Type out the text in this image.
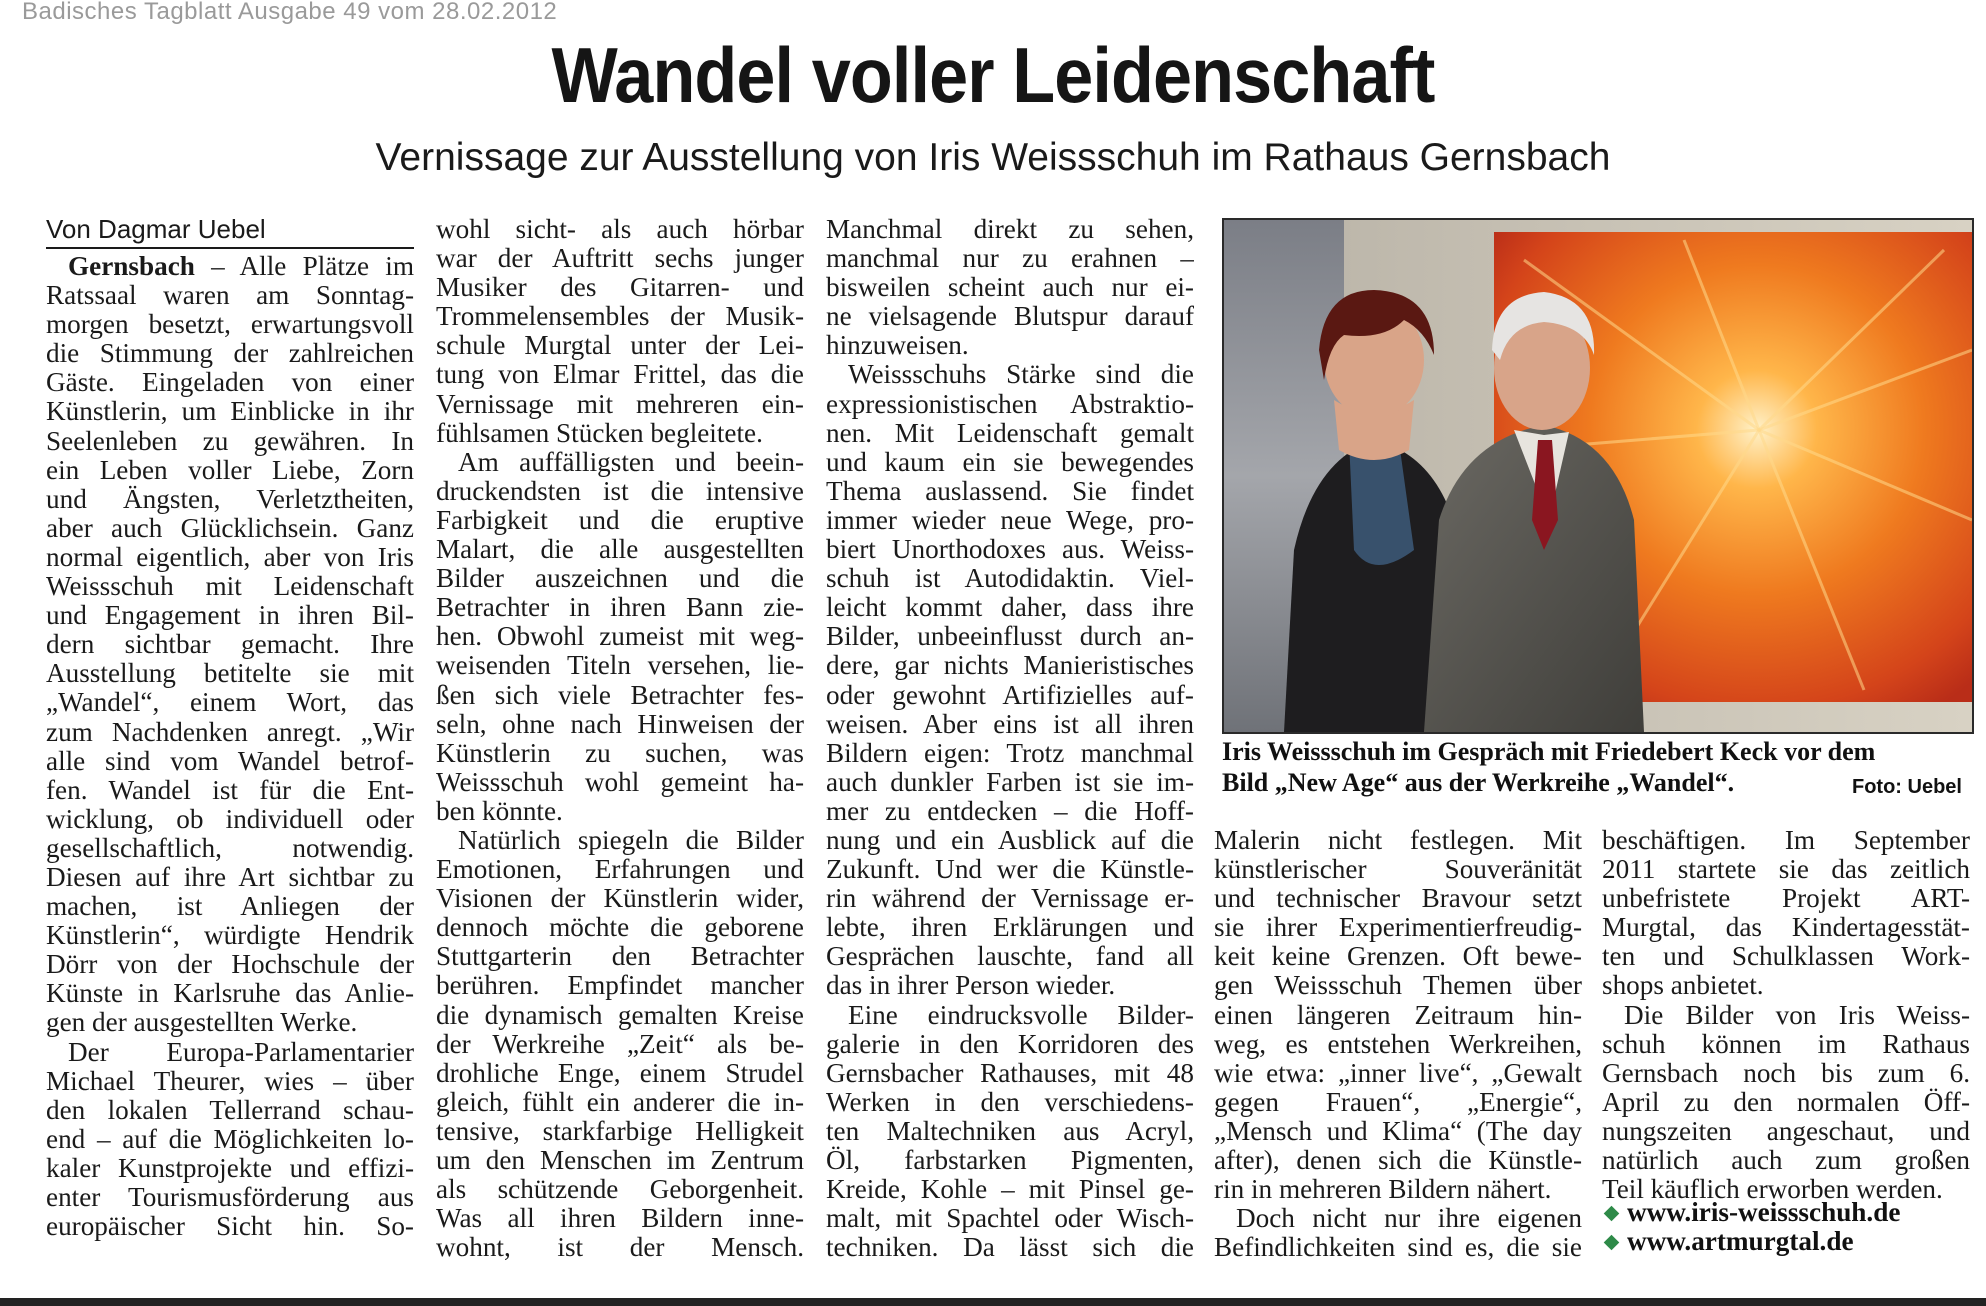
Badisches Tagblatt Ausgabe 49 vom 28.02.2012
Wandel voller Leidenschaft
Vernissage zur Ausstellung von Iris Weissschuh im Rathaus Gernsbach
Von Dagmar Uebel
Gernsbach – Alle Plätze im
Ratssaal waren am Sonntag-
morgen besetzt, erwartungsvoll
die Stimmung der zahlreichen
Gäste. Eingeladen von einer
Künstlerin, um Einblicke in ihr
Seelenleben zu gewähren. In
ein Leben voller Liebe, Zorn
und Ängsten, Verletztheiten,
aber auch Glücklichsein. Ganz
normal eigentlich, aber von Iris
Weissschuh mit Leidenschaft
und Engagement in ihren Bil-
dern sichtbar gemacht. Ihre
Ausstellung betitelte sie mit
„Wandel“, einem Wort, das
zum Nachdenken anregt. „Wir
alle sind vom Wandel betrof-
fen. Wandel ist für die Ent-
wicklung, ob individuell oder
gesellschaftlich, notwendig.
Diesen auf ihre Art sichtbar zu
machen, ist Anliegen der
Künstlerin“, würdigte Hendrik
Dörr von der Hochschule der
Künste in Karlsruhe das Anlie-
gen der ausgestellten Werke.
Der Europa-Parlamentarier
Michael Theurer, wies – über
den lokalen Tellerrand schau-
end – auf die Möglichkeiten lo-
kaler Kunstprojekte und effizi-
enter Tourismusförderung aus
europäischer Sicht hin. So-
wohl sicht- als auch hörbar
war der Auftritt sechs junger
Musiker des Gitarren- und
Trommelensembles der Musik-
schule Murgtal unter der Lei-
tung von Elmar Frittel, das die
Vernissage mit mehreren ein-
fühlsamen Stücken begleitete.
Am auffälligsten und beein-
druckendsten ist die intensive
Farbigkeit und die eruptive
Malart, die alle ausgestellten
Bilder auszeichnen und die
Betrachter in ihren Bann zie-
hen. Obwohl zumeist mit weg-
weisenden Titeln versehen, lie-
ßen sich viele Betrachter fes-
seln, ohne nach Hinweisen der
Künstlerin zu suchen, was
Weissschuh wohl gemeint ha-
ben könnte.
Natürlich spiegeln die Bilder
Emotionen, Erfahrungen und
Visionen der Künstlerin wider,
dennoch möchte die geborene
Stuttgarterin den Betrachter
berühren. Empfindet mancher
die dynamisch gemalten Kreise
der Werkreihe „Zeit“ als be-
drohliche Enge, einem Strudel
gleich, fühlt ein anderer die in-
tensive, starkfarbige Helligkeit
um den Menschen im Zentrum
als schützende Geborgenheit.
Was all ihren Bildern inne-
wohnt, ist der Mensch.
Manchmal direkt zu sehen,
manchmal nur zu erahnen –
bisweilen scheint auch nur ei-
ne vielsagende Blutspur darauf
hinzuweisen.
Weissschuhs Stärke sind die
expressionistischen Abstraktio-
nen. Mit Leidenschaft gemalt
und kaum ein sie bewegendes
Thema auslassend. Sie findet
immer wieder neue Wege, pro-
biert Unorthodoxes aus. Weiss-
schuh ist Autodidaktin. Viel-
leicht kommt daher, dass ihre
Bilder, unbeeinflusst durch an-
dere, gar nichts Manieristisches
oder gewohnt Artifizielles auf-
weisen. Aber eins ist all ihren
Bildern eigen: Trotz manchmal
auch dunkler Farben ist sie im-
mer zu entdecken – die Hoff-
nung und ein Ausblick auf die
Zukunft. Und wer die Künstle-
rin während der Vernissage er-
lebte, ihren Erklärungen und
Gesprächen lauschte, fand all
das in ihrer Person wieder.
Eine eindrucksvolle Bilder-
galerie in den Korridoren des
Gernsbacher Rathauses, mit 48
Werken in den verschiedens-
ten Maltechniken aus Acryl,
Öl, farbstarken Pigmenten,
Kreide, Kohle – mit Pinsel ge-
malt, mit Spachtel oder Wisch-
techniken. Da lässt sich die
Malerin nicht festlegen. Mit
künstlerischer Souveränität
und technischer Bravour setzt
sie ihrer Experimentierfreudig-
keit keine Grenzen. Oft bewe-
gen Weissschuh Themen über
einen längeren Zeitraum hin-
weg, es entstehen Werkreihen,
wie etwa: „inner live“, „Gewalt
gegen Frauen“, „Energie“,
„Mensch und Klima“ (The day
after), denen sich die Künstle-
rin in mehreren Bildern nähert.
Doch nicht nur ihre eigenen
Befindlichkeiten sind es, die sie
beschäftigen. Im September
2011 startete sie das zeitlich
unbefristete Projekt ART-
Murgtal, das Kindertagesstät-
ten und Schulklassen Work-
shops anbietet.
Die Bilder von Iris Weiss-
schuh können im Rathaus
Gernsbach noch bis zum 6.
April zu den normalen Öff-
nungszeiten angeschaut, und
natürlich auch zum großen
Teil käuflich erworben werden.
Iris Weissschuh im Gespräch mit Friedebert Keck vor dem
Bild „New Age“ aus der Werkreihe „Wandel“.	Foto: Uebel
www.iris-weissschuh.de
www.artmurgtal.de
